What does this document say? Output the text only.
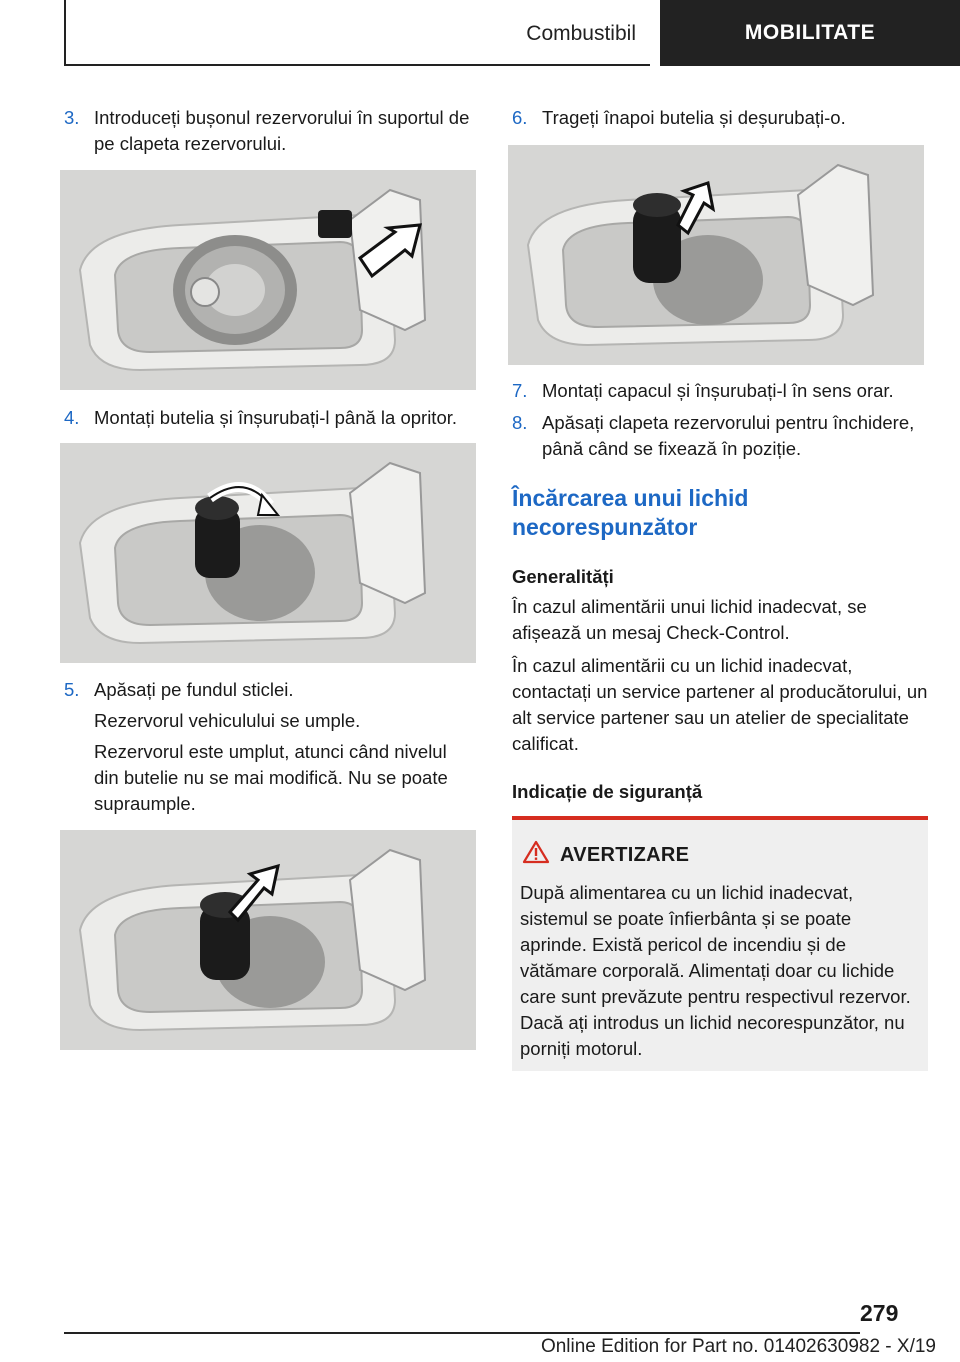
Combustibil	MOBILITATE
3. Introduceți bușonul rezervorului în suportul de pe clapeta rezervorului.
4. Montați butelia și înșurubați-l până la opritor.
5. Apăsați pe fundul sticlei.
Rezervorul vehiculului se umple.
Rezervorul este umplut, atunci când nivelul din butelie nu se mai modifică. Nu se poate supraumple.
6. Trageți înapoi butelia și deșurubați-o.
7. Montați capacul și înșurubați-l în sens orar.
8. Apăsați clapeta rezervorului pentru închidere, până când se fixează în poziție.
Încărcarea unui lichid necorespunzător
Generalități
În cazul alimentării unui lichid inadecvat, se afișează un mesaj Check-Control.
În cazul alimentării cu un lichid inadecvat, contactați un service partener al producătorului, un alt service partener sau un atelier de specialitate calificat.
Indicație de siguranță
AVERTIZARE
După alimentarea cu un lichid inadecvat, sistemul se poate înfierbânta și se poate aprinde. Există pericol de incendiu și de vătămare corporală. Alimentați doar cu lichide care sunt prevăzute pentru respectivul rezervor. Dacă ați introdus un lichid necorespunzător, nu porniți motorul.
279
Online Edition for Part no. 01402630982 - X/19
